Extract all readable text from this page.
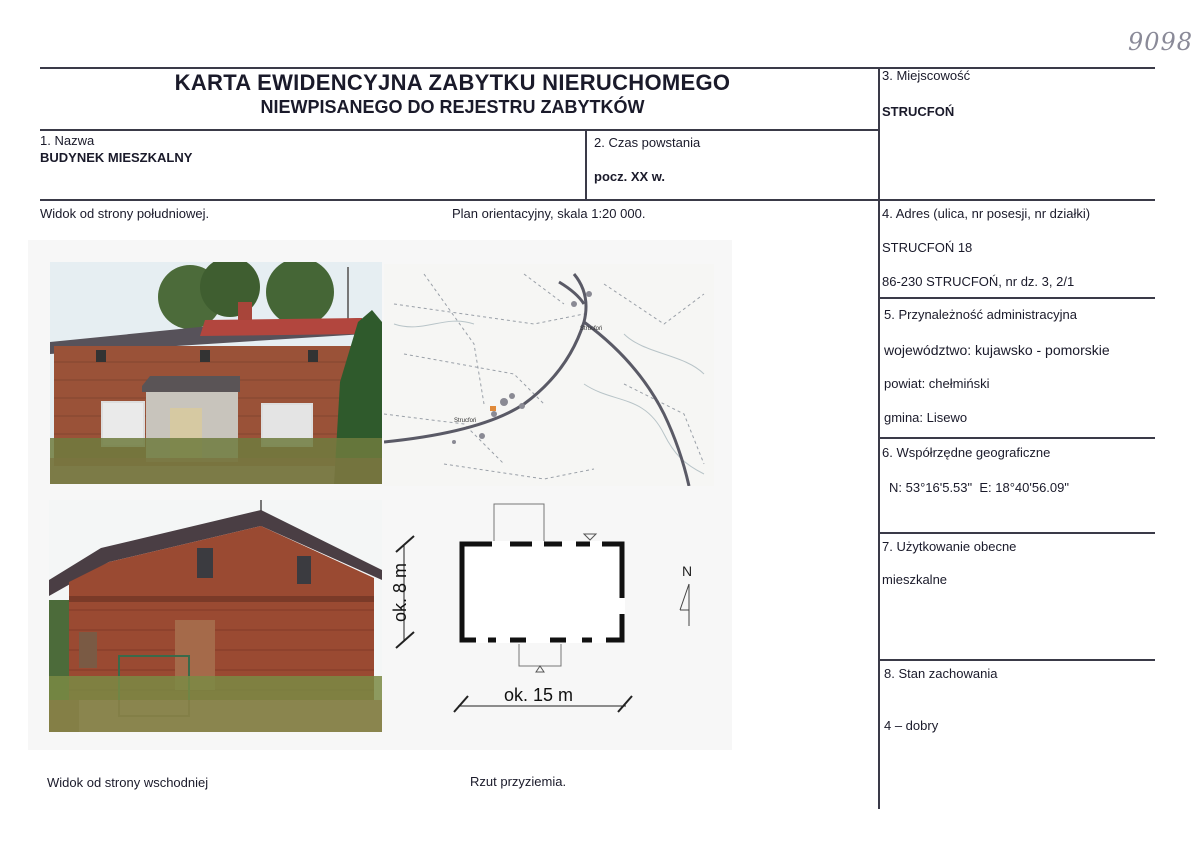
9098
KARTA EWIDENCYJNA ZABYTKU NIERUCHOMEGO
NIEWPISANEGO DO REJESTRU ZABYTKÓW
1. Nazwa
BUDYNEK MIESZKALNY
2. Czas powstania
pocz. XX w.
3. Miejscowość
STRUCFOŃ
Widok od strony południowej.	Plan orientacyjny, skala 1:20 000.
Widok od strony wschodniej	Rzut przyziemia.
4. Adres (ulica, nr posesji, nr działki)
STRUCFOŃ 18
86-230 STRUCFOŃ, nr dz. 3, 2/1
5. Przynależność administracyjna
województwo: kujawsko - pomorskie
powiat: chełmiński
gmina: Lisewo
6. Współrzędne geograficzne
N: 53°16'5.53"  E: 18°40'56.09"
7. Użytkowanie obecne
mieszkalne
8. Stan zachowania
4 – dobry
Strucfoń
Strucfoń
ok. 8 m
ok. 15 m
N
